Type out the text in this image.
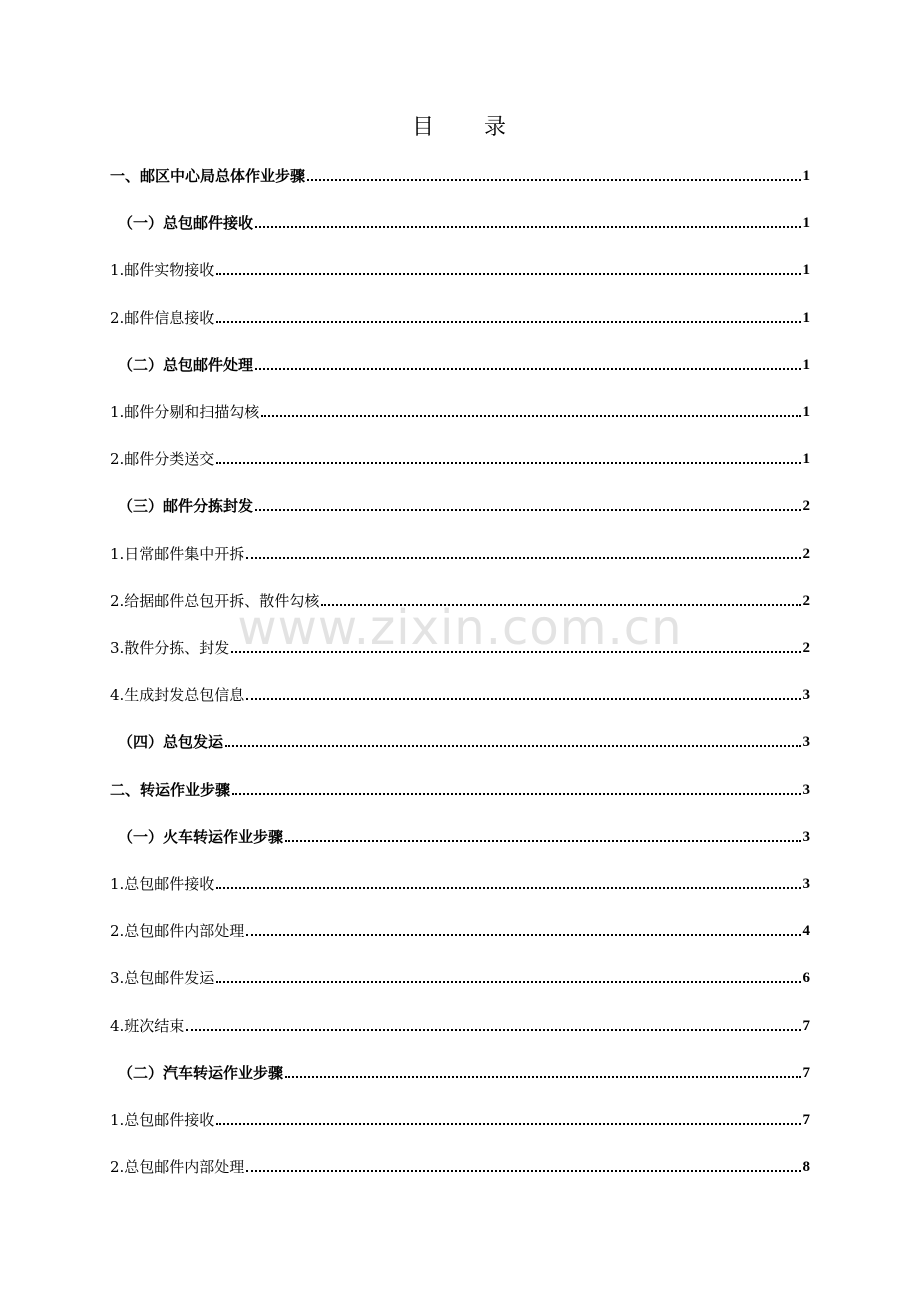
www.zixin.com.cn
目 录
一、邮区中心局总体作业步骤	1
（一）总包邮件接收	1
1.邮件实物接收	1
2.邮件信息接收	1
（二）总包邮件处理	1
1.邮件分剔和扫描勾核	1
2.邮件分类送交	1
（三）邮件分拣封发	2
1.日常邮件集中开拆	2
2.给据邮件总包开拆、散件勾核	2
3.散件分拣、封发	2
4.生成封发总包信息	3
（四）总包发运	3
二、转运作业步骤	3
（一）火车转运作业步骤	3
1.总包邮件接收	3
2.总包邮件内部处理	4
3.总包邮件发运	6
4.班次结束	7
（二）汽车转运作业步骤	7
1.总包邮件接收	7
2.总包邮件内部处理	8
